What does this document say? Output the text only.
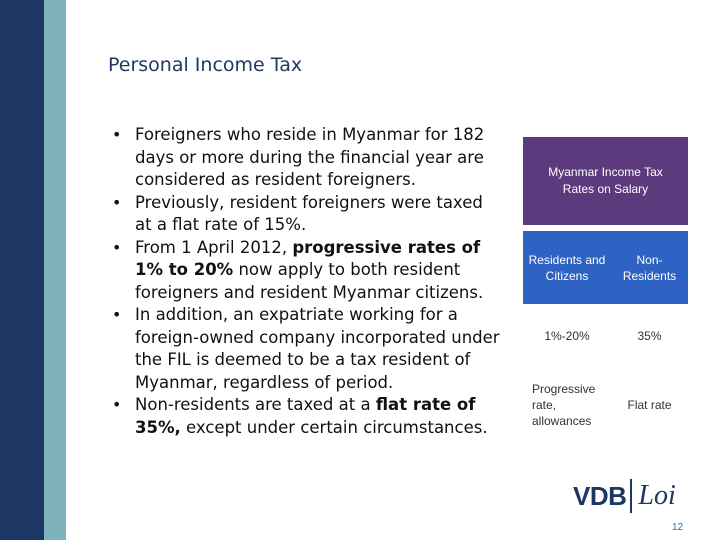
Personal Income Tax
• Foreigners who reside in Myanmar for 182 days or more during the financial year are considered as resident foreigners.
• Previously, resident foreigners were taxed at a flat rate of 15%.
• From 1 April 2012, progressive rates of 1% to 20% now apply to both resident foreigners and resident Myanmar citizens.
• In addition, an expatriate working for a foreign-owned company incorporated under the FIL is deemed to be a tax resident of Myanmar, regardless of period.
• Non-residents are taxed at a flat rate of 35%, except under certain circumstances.
Myanmar Income Tax Rates on Salary
Residents and Citizens
Non-Residents
1%-20%	35%
Progressive rate, allowances
Flat rate
VDB Loi
12
